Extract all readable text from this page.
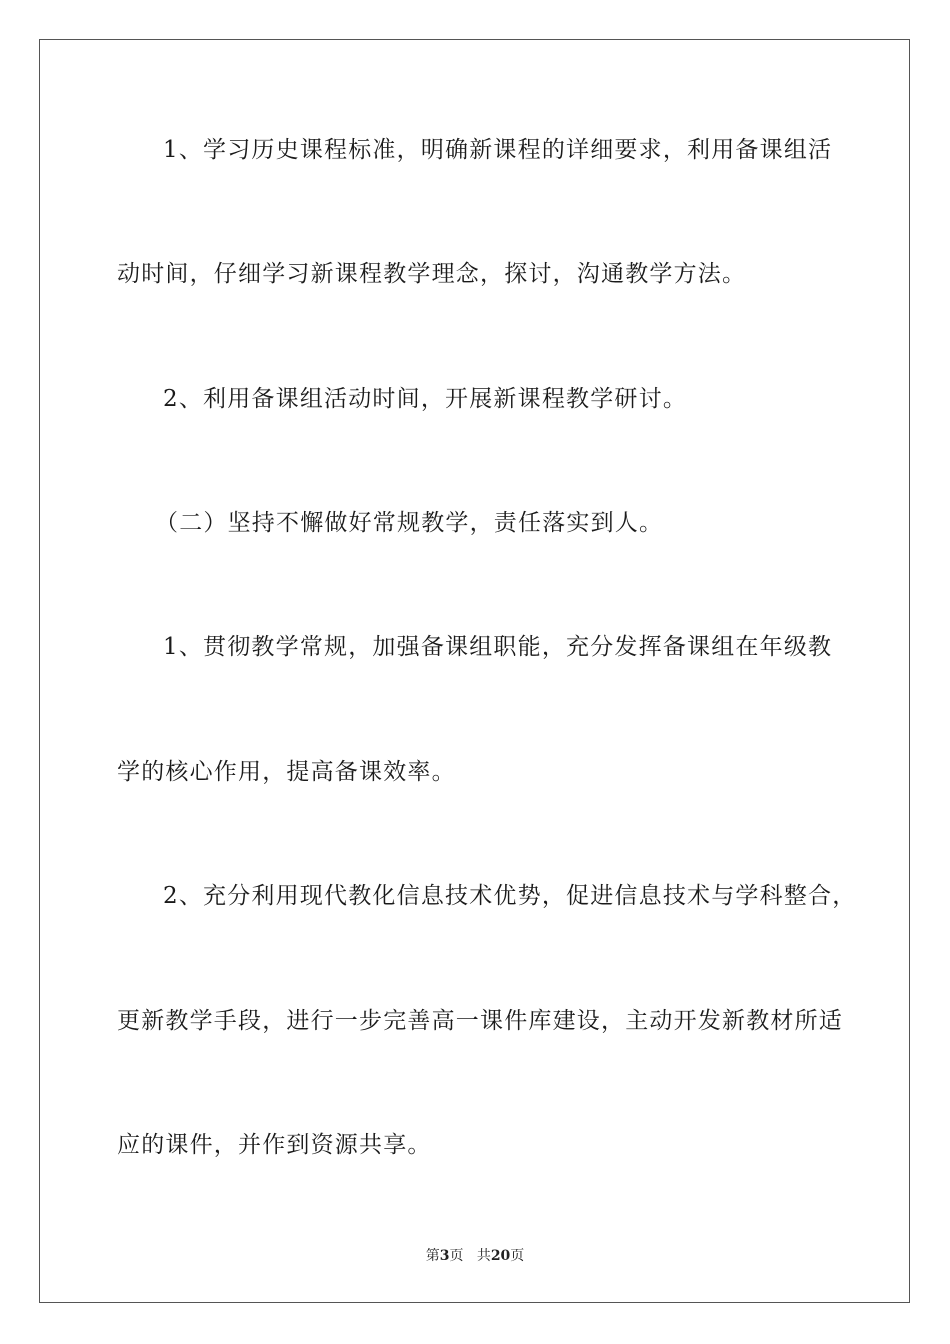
1、学习历史课程标准，明确新课程的详细要求，利用备课组活
动时间，仔细学习新课程教学理念，探讨，沟通教学方法。
2、利用备课组活动时间，开展新课程教学研讨。
（二）坚持不懈做好常规教学，责任落实到人。
1、贯彻教学常规，加强备课组职能，充分发挥备课组在年级教
学的核心作用，提高备课效率。
2、充分利用现代教化信息技术优势，促进信息技术与学科整合，
更新教学手段，进行一步完善高一课件库建设，主动开发新教材所适
应的课件，并作到资源共享。
第3页 共20页
